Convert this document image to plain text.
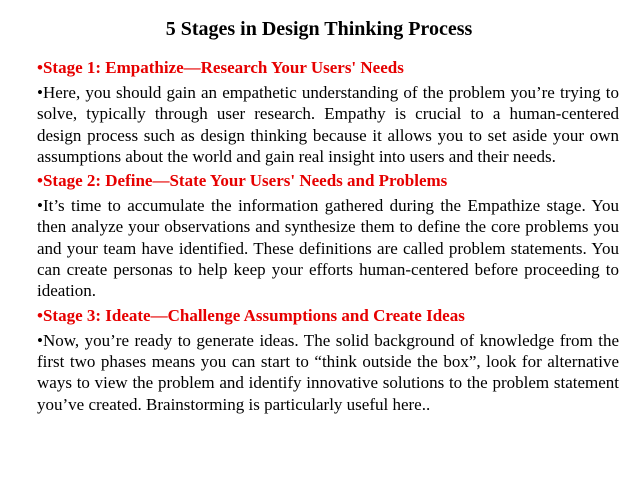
5 Stages in Design Thinking Process
•Stage 1: Empathize—Research Your Users' Needs
•Here, you should gain an empathetic understanding of the problem you’re trying to solve, typically through user research. Empathy is crucial to a human-centered design process such as design thinking because it allows you to set aside your own assumptions about the world and gain real insight into users and their needs.
•Stage 2: Define—State Your Users' Needs and Problems
•It’s time to accumulate the information gathered during the Empathize stage. You then analyze your observations and synthesize them to define the core problems you and your team have identified. These definitions are called problem statements. You can create personas to help keep your efforts human-centered before proceeding to ideation.
•Stage 3: Ideate—Challenge Assumptions and Create Ideas
•Now, you’re ready to generate ideas. The solid background of knowledge from the first two phases means you can start to “think outside the box”, look for alternative ways to view the problem and identify innovative solutions to the problem statement you’ve created. Brainstorming is particularly useful here..
